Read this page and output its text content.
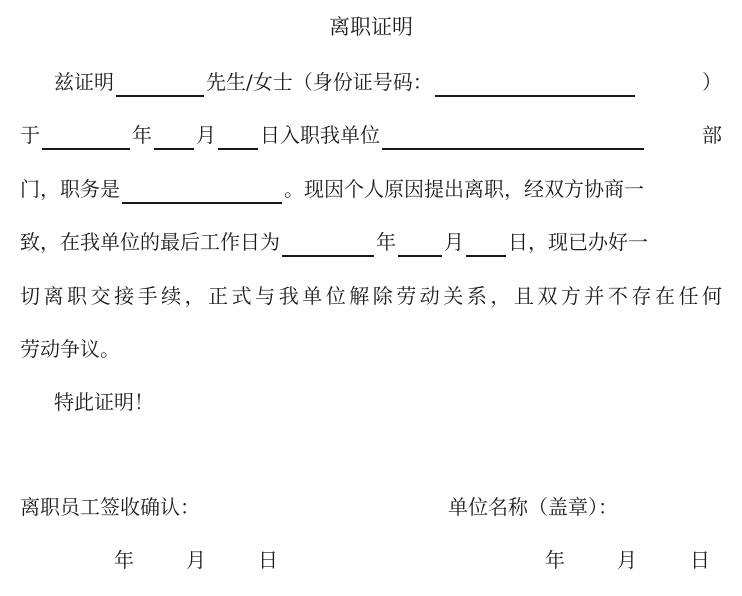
离职证明
兹证明	先生/女士（身份证号码：	）
于	年 月 日入职我单位	部
门，职务是	。现因个人原因提出离职，经双方协商一
致，在我单位的最后工作日为	年 月 日，现已办好一
切离职交接手续，正式与我单位解除劳动关系，且双方并不存在任何
劳动争议。
特此证明！
离职员工签收确认：	单位名称（盖章）：
年	月	日	年	月	日
